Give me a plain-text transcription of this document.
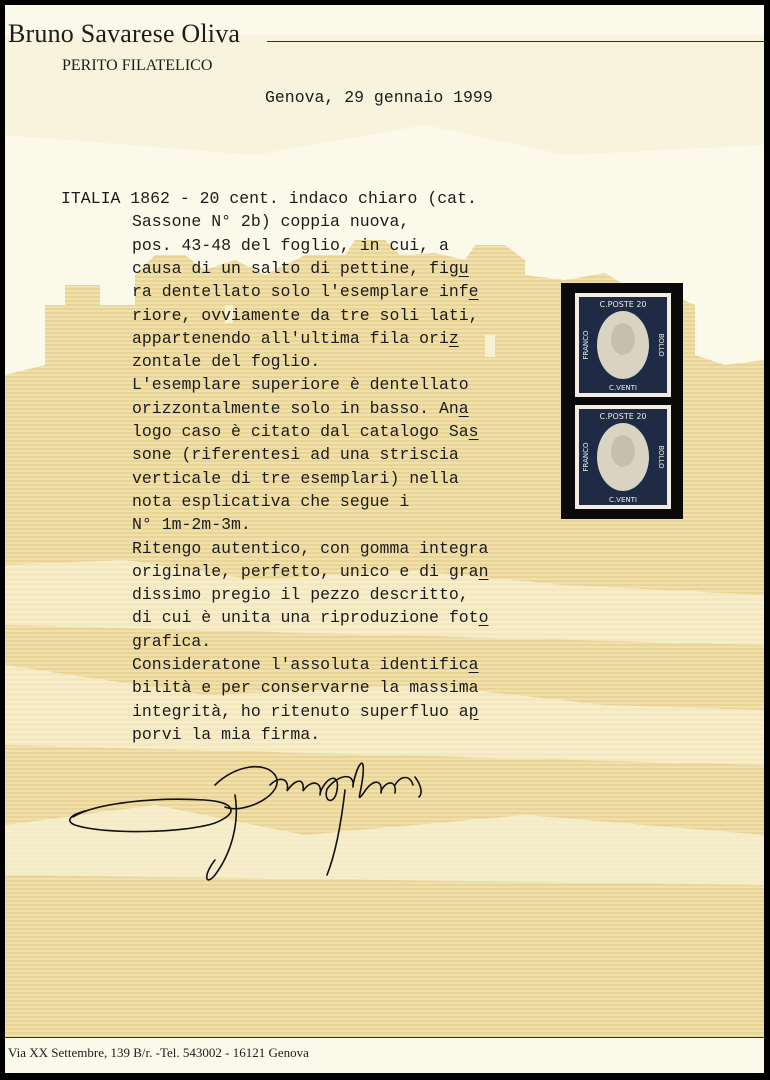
Bruno Savarese Oliva
PERITO FILATELICO
Genova, 29 gennaio 1999
ITALIA 1862 - 20 cent. indaco chiaro (cat.
Sassone N° 2b) coppia nuova,
pos. 43-48 del foglio, in cui, a
causa di un salto di pettine, figu
ra dentellato solo l'esemplare infe
riore, ovviamente da tre soli lati,
appartenendo all'ultima fila oriz
zontale del foglio.
L'esemplare superiore è dentellato
orizzontalmente solo in basso. Ana
logo caso è citato dal catalogo Sas
sone (riferentesi ad una striscia
verticale di tre esemplari) nella
nota esplicativa che segue i
N° 1m-2m-3m.
Ritengo autentico, con gomma integra
originale, perfetto, unico e di gran
dissimo pregio il pezzo descritto,
di cui è unita una riproduzione foto
grafica.
Consideratone l'assoluta identifica
bilità e per conservarne la massima
integrità, ho ritenuto superfluo ap
porvi la mia firma.
C.POSTE 20
C.VENTI
FRANCO	BOLLO
C.POSTE 20
C.VENTI
FRANCO	BOLLO
Via XX Settembre, 139 B/r. -Tel. 543002 - 16121 Genova
